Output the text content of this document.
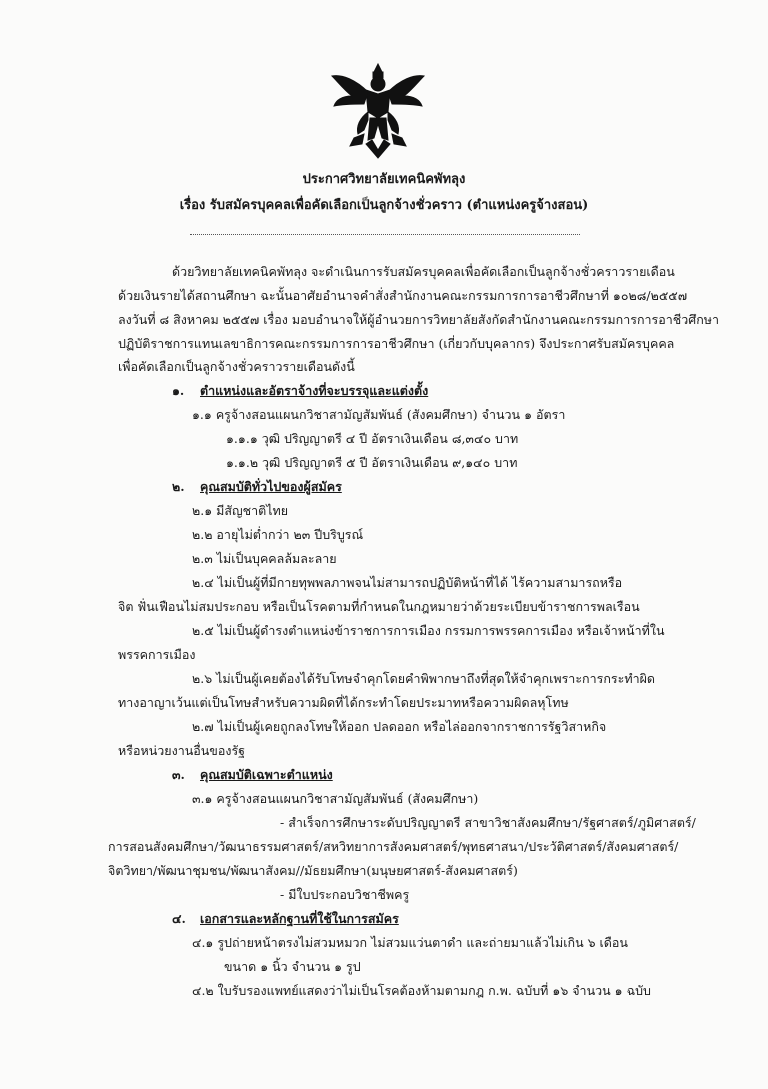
ประกาศวิทยาลัยเทคนิคพัทลุง
เรื่อง รับสมัครบุคคลเพื่อคัดเลือกเป็นลูกจ้างชั่วคราว (ตำแหน่งครูจ้างสอน)
ด้วยวิทยาลัยเทคนิคพัทลุง จะดำเนินการรับสมัครบุคคลเพื่อคัดเลือกเป็นลูกจ้างชั่วคราวรายเดือน
ด้วยเงินรายได้สถานศึกษา ฉะนั้นอาศัยอำนาจคำสั่งสำนักงานคณะกรรมการการอาชีวศึกษาที่ ๑๐๒๘/๒๕๕๗
ลงวันที่ ๘ สิงหาคม ๒๕๕๗ เรื่อง มอบอำนาจให้ผู้อำนวยการวิทยาลัยสังกัดสำนักงานคณะกรรมการการอาชีวศึกษา
ปฏิบัติราชการแทนเลขาธิการคณะกรรมการการอาชีวศึกษา (เกี่ยวกับบุคลากร) จึงประกาศรับสมัครบุคคล
เพื่อคัดเลือกเป็นลูกจ้างชั่วคราวรายเดือนดังนี้
๑. ตำแหน่งและอัตราจ้างที่จะบรรจุและแต่งตั้ง
๑.๑ ครูจ้างสอนแผนกวิชาสามัญสัมพันธ์ (สังคมศึกษา) จำนวน ๑ อัตรา
๑.๑.๑ วุฒิ ปริญญาตรี ๔ ปี อัตราเงินเดือน ๘,๓๔๐ บาท
๑.๑.๒ วุฒิ ปริญญาตรี ๕ ปี อัตราเงินเดือน ๙,๑๔๐ บาท
๒. คุณสมบัติทั่วไปของผู้สมัคร
๒.๑ มีสัญชาติไทย
๒.๒ อายุไม่ต่ำกว่า ๒๓ ปีบริบูรณ์
๒.๓ ไม่เป็นบุคคลล้มละลาย
๒.๔ ไม่เป็นผู้ที่มีกายทุพพลภาพจนไม่สามารถปฏิบัติหน้าที่ได้ ไร้ความสามารถหรือ
จิต ฟั่นเฟือนไม่สมประกอบ หรือเป็นโรคตามที่กำหนดในกฎหมายว่าด้วยระเบียบข้าราชการพลเรือน
๒.๕ ไม่เป็นผู้ดำรงตำแหน่งข้าราชการการเมือง กรรมการพรรคการเมือง หรือเจ้าหน้าที่ใน
พรรคการเมือง
๒.๖ ไม่เป็นผู้เคยต้องได้รับโทษจำคุกโดยคำพิพากษาถึงที่สุดให้จำคุกเพราะการกระทำผิด
ทางอาญาเว้นแต่เป็นโทษสำหรับความผิดที่ได้กระทำโดยประมาทหรือความผิดลหุโทษ
๒.๗ ไม่เป็นผู้เคยถูกลงโทษให้ออก ปลดออก หรือไล่ออกจากราชการรัฐวิสาหกิจ
หรือหน่วยงานอื่นของรัฐ
๓. คุณสมบัติเฉพาะตำแหน่ง
๓.๑ ครูจ้างสอนแผนกวิชาสามัญสัมพันธ์ (สังคมศึกษา)
- สำเร็จการศึกษาระดับปริญญาตรี สาขาวิชาสังคมศึกษา/รัฐศาสตร์/ภูมิศาสตร์/
การสอนสังคมศึกษา/วัฒนาธรรมศาสตร์/สหวิทยาการสังคมศาสตร์/พุทธศาสนา/ประวัติศาสตร์/สังคมศาสตร์/
จิตวิทยา/พัฒนาชุมชน/พัฒนาสังคม//มัธยมศึกษา(มนุษยศาสตร์-สังคมศาสตร์)
- มีใบประกอบวิชาชีพครู
๔. เอกสารและหลักฐานที่ใช้ในการสมัคร
๔.๑ รูปถ่ายหน้าตรงไม่สวมหมวก ไม่สวมแว่นตาดำ และถ่ายมาแล้วไม่เกิน ๖ เดือน
ขนาด ๑ นิ้ว จำนวน ๑ รูป
๔.๒ ใบรับรองแพทย์แสดงว่าไม่เป็นโรคต้องห้ามตามกฎ ก.พ. ฉบับที่ ๑๖ จำนวน ๑ ฉบับ
